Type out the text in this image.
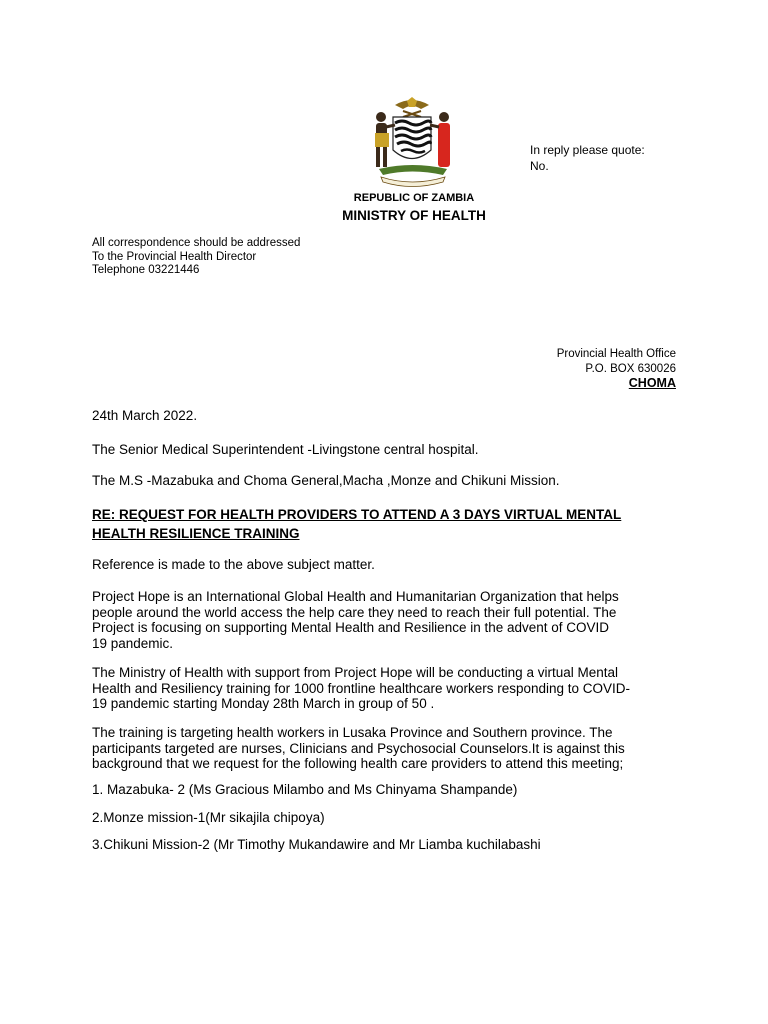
In reply please quote:
No.
REPUBLIC OF ZAMBIA
MINISTRY OF HEALTH
All correspondence should be addressed
To the Provincial Health Director
Telephone 03221446
Provincial Health Office
P.O. BOX 630026
CHOMA
24th March 2022.
The Senior Medical Superintendent -Livingstone central hospital.
The M.S -Mazabuka and Choma General,Macha ,Monze and Chikuni Mission.
RE: REQUEST FOR HEALTH PROVIDERS TO ATTEND A 3 DAYS VIRTUAL MENTAL
HEALTH RESILIENCE TRAINING
Reference is made to the above subject matter.
Project Hope is an International Global Health and Humanitarian Organization that helps
people around the world access the help care they need to reach their full potential. The
Project is focusing on supporting Mental Health and Resilience in the advent of COVID
19 pandemic.
The Ministry of Health with support from Project Hope will be conducting a virtual Mental
Health and Resiliency training for 1000 frontline healthcare workers responding to COVID-
19 pandemic starting Monday 28th March in group of 50 .
The training is targeting health workers in Lusaka Province and Southern province. The
participants targeted are nurses, Clinicians and Psychosocial Counselors.It is against this
background that we request for the following health care providers to attend this meeting;
1. Mazabuka- 2 (Ms Gracious Milambo and Ms Chinyama Shampande)
2.Monze mission-1(Mr sikajila chipoya)
3.Chikuni Mission-2 (Mr Timothy Mukandawire and Mr Liamba kuchilabashi
